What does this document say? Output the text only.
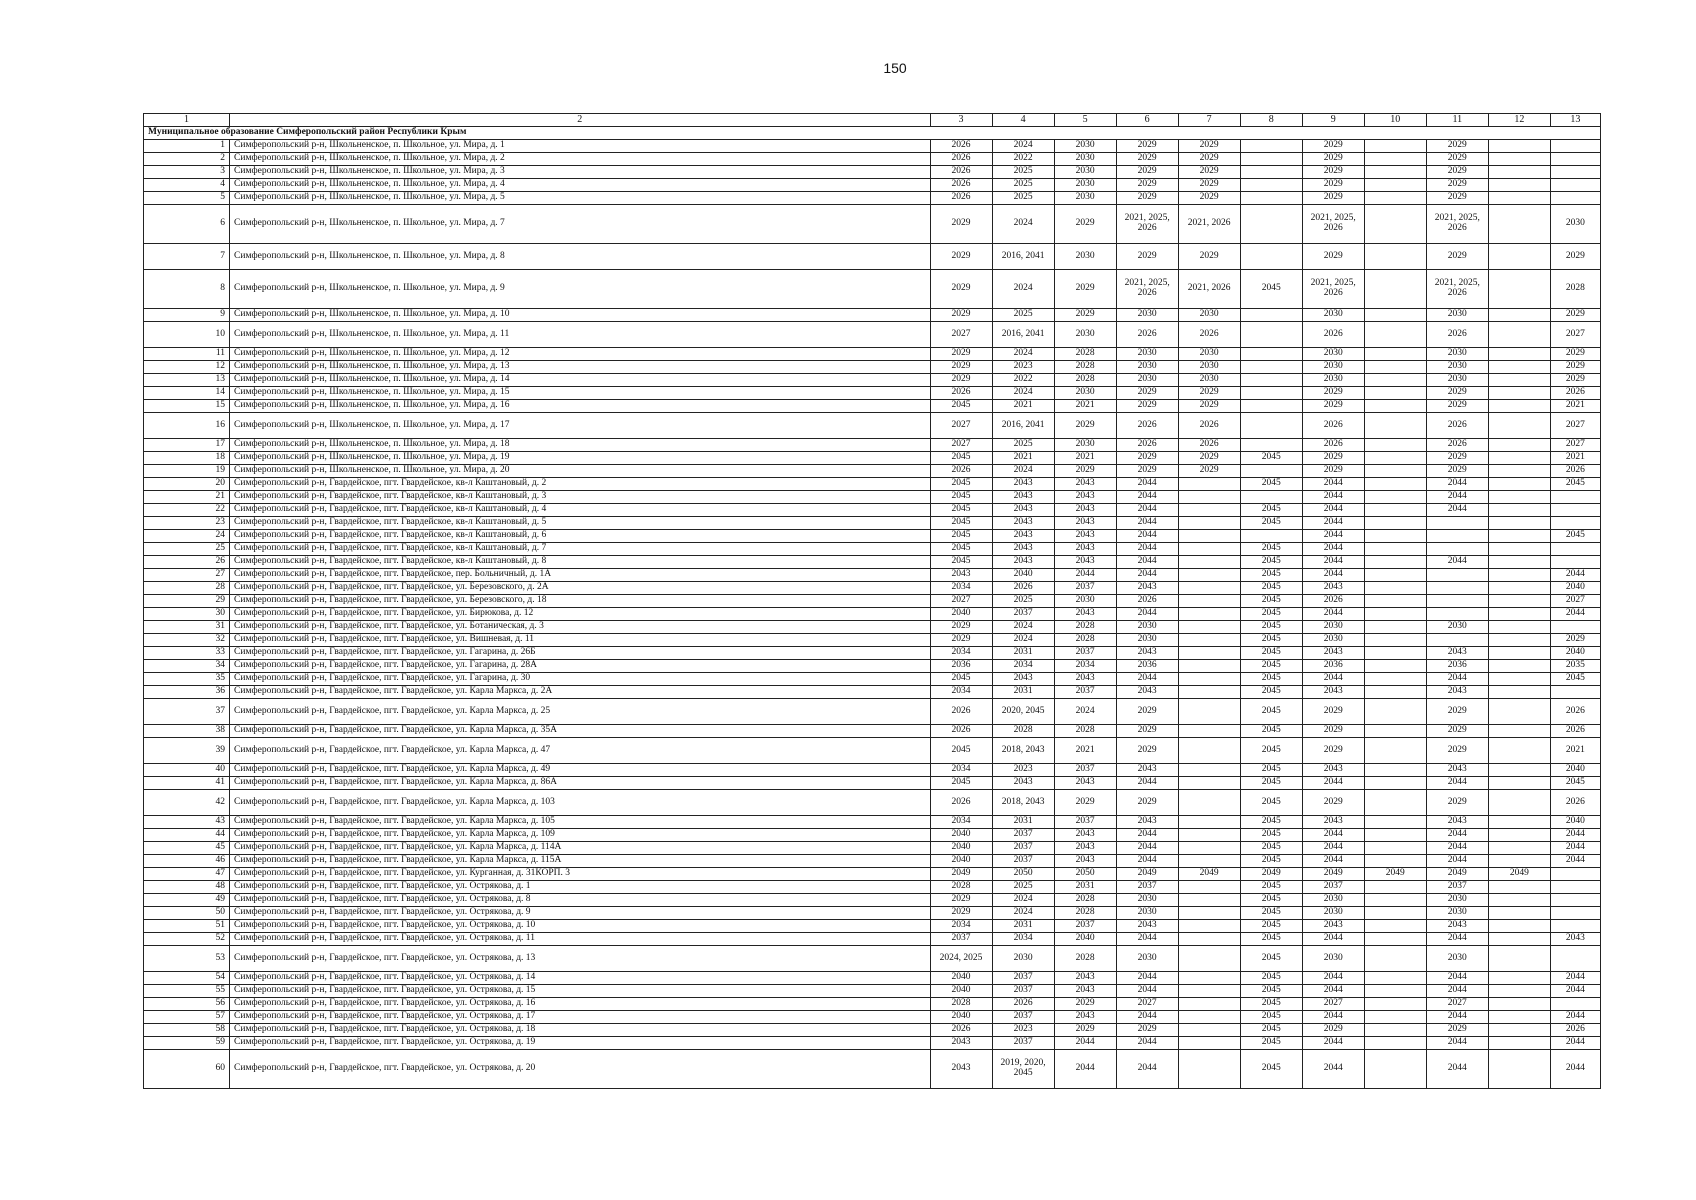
150
1	2	3	4	5	6	7	8	9	10	11	12	13
Муниципальное образование Симферопольский район Республики Крым												
1	Симферопольский р-н, Школьненское, п. Школьное, ул. Мира, д. 1	2026	2024	2030	2029	2029		2029		2029		
2	Симферопольский р-н, Школьненское, п. Школьное, ул. Мира, д. 2	2026	2022	2030	2029	2029		2029		2029		
3	Симферопольский р-н, Школьненское, п. Школьное, ул. Мира, д. 3	2026	2025	2030	2029	2029		2029		2029		
4	Симферопольский р-н, Школьненское, п. Школьное, ул. Мира, д. 4	2026	2025	2030	2029	2029		2029		2029		
5	Симферопольский р-н, Школьненское, п. Школьное, ул. Мира, д. 5	2026	2025	2030	2029	2029		2029		2029		
6	Симферопольский р-н, Школьненское, п. Школьное, ул. Мира, д. 7	2029	2024	2029	2021, 2025, 2026	2021, 2026		2021, 2025, 2026		2021, 2025, 2026		2030
7	Симферопольский р-н, Школьненское, п. Школьное, ул. Мира, д. 8	2029	2016, 2041	2030	2029	2029		2029		2029		2029
8	Симферопольский р-н, Школьненское, п. Школьное, ул. Мира, д. 9	2029	2024	2029	2021, 2025, 2026	2021, 2026	2045	2021, 2025, 2026		2021, 2025, 2026		2028
9	Симферопольский р-н, Школьненское, п. Школьное, ул. Мира, д. 10	2029	2025	2029	2030	2030		2030		2030		2029
10	Симферопольский р-н, Школьненское, п. Школьное, ул. Мира, д. 11	2027	2016, 2041	2030	2026	2026		2026		2026		2027
11	Симферопольский р-н, Школьненское, п. Школьное, ул. Мира, д. 12	2029	2024	2028	2030	2030		2030		2030		2029
12	Симферопольский р-н, Школьненское, п. Школьное, ул. Мира, д. 13	2029	2023	2028	2030	2030		2030		2030		2029
13	Симферопольский р-н, Школьненское, п. Школьное, ул. Мира, д. 14	2029	2022	2028	2030	2030		2030		2030		2029
14	Симферопольский р-н, Школьненское, п. Школьное, ул. Мира, д. 15	2026	2024	2030	2029	2029		2029		2029		2026
15	Симферопольский р-н, Школьненское, п. Школьное, ул. Мира, д. 16	2045	2021	2021	2029	2029		2029		2029		2021
16	Симферопольский р-н, Школьненское, п. Школьное, ул. Мира, д. 17	2027	2016, 2041	2029	2026	2026		2026		2026		2027
17	Симферопольский р-н, Школьненское, п. Школьное, ул. Мира, д. 18	2027	2025	2030	2026	2026		2026		2026		2027
18	Симферопольский р-н, Школьненское, п. Школьное, ул. Мира, д. 19	2045	2021	2021	2029	2029	2045	2029		2029		2021
19	Симферопольский р-н, Школьненское, п. Школьное, ул. Мира, д. 20	2026	2024	2029	2029	2029		2029		2029		2026
20	Симферопольский р-н, Гвардейское, пгт. Гвардейское, кв-л Каштановый, д. 2	2045	2043	2043	2044		2045	2044		2044		2045
21	Симферопольский р-н, Гвардейское, пгт. Гвардейское, кв-л Каштановый, д. 3	2045	2043	2043	2044			2044		2044		
22	Симферопольский р-н, Гвардейское, пгт. Гвардейское, кв-л Каштановый, д. 4	2045	2043	2043	2044		2045	2044		2044		
23	Симферопольский р-н, Гвардейское, пгт. Гвардейское, кв-л Каштановый, д. 5	2045	2043	2043	2044		2045	2044				
24	Симферопольский р-н, Гвардейское, пгт. Гвардейское, кв-л Каштановый, д. 6	2045	2043	2043	2044			2044				2045
25	Симферопольский р-н, Гвардейское, пгт. Гвардейское, кв-л Каштановый, д. 7	2045	2043	2043	2044		2045	2044				
26	Симферопольский р-н, Гвардейское, пгт. Гвардейское, кв-л Каштановый, д. 8	2045	2043	2043	2044		2045	2044		2044		
27	Симферопольский р-н, Гвардейское, пгт. Гвардейское, пер. Больничный, д. 1А	2043	2040	2044	2044		2045	2044				2044
28	Симферопольский р-н, Гвардейское, пгт. Гвардейское, ул. Березовского, д. 2А	2034	2026	2037	2043		2045	2043				2040
29	Симферопольский р-н, Гвардейское, пгт. Гвардейское, ул. Березовского, д. 18	2027	2025	2030	2026		2045	2026				2027
30	Симферопольский р-н, Гвардейское, пгт. Гвардейское, ул. Бирюкова, д. 12	2040	2037	2043	2044		2045	2044				2044
31	Симферопольский р-н, Гвардейское, пгт. Гвардейское, ул. Ботаническая, д. 3	2029	2024	2028	2030		2045	2030		2030		
32	Симферопольский р-н, Гвардейское, пгт. Гвардейское, ул. Вишневая, д. 11	2029	2024	2028	2030		2045	2030				2029
33	Симферопольский р-н, Гвардейское, пгт. Гвардейское, ул. Гагарина, д. 26Б	2034	2031	2037	2043		2045	2043		2043		2040
34	Симферопольский р-н, Гвардейское, пгт. Гвардейское, ул. Гагарина, д. 28А	2036	2034	2034	2036		2045	2036		2036		2035
35	Симферопольский р-н, Гвардейское, пгт. Гвардейское, ул. Гагарина, д. 30	2045	2043	2043	2044		2045	2044		2044		2045
36	Симферопольский р-н, Гвардейское, пгт. Гвардейское, ул. Карла Маркса, д. 2А	2034	2031	2037	2043		2045	2043		2043		
37	Симферопольский р-н, Гвардейское, пгт. Гвардейское, ул. Карла Маркса, д. 25	2026	2020, 2045	2024	2029		2045	2029		2029		2026
38	Симферопольский р-н, Гвардейское, пгт. Гвардейское, ул. Карла Маркса, д. 35А	2026	2028	2028	2029		2045	2029		2029		2026
39	Симферопольский р-н, Гвардейское, пгт. Гвардейское, ул. Карла Маркса, д. 47	2045	2018, 2043	2021	2029		2045	2029		2029		2021
40	Симферопольский р-н, Гвардейское, пгт. Гвардейское, ул. Карла Маркса, д. 49	2034	2023	2037	2043		2045	2043		2043		2040
41	Симферопольский р-н, Гвардейское, пгт. Гвардейское, ул. Карла Маркса, д. 86А	2045	2043	2043	2044		2045	2044		2044		2045
42	Симферопольский р-н, Гвардейское, пгт. Гвардейское, ул. Карла Маркса, д. 103	2026	2018, 2043	2029	2029		2045	2029		2029		2026
43	Симферопольский р-н, Гвардейское, пгт. Гвардейское, ул. Карла Маркса, д. 105	2034	2031	2037	2043		2045	2043		2043		2040
44	Симферопольский р-н, Гвардейское, пгт. Гвардейское, ул. Карла Маркса, д. 109	2040	2037	2043	2044		2045	2044		2044		2044
45	Симферопольский р-н, Гвардейское, пгт. Гвардейское, ул. Карла Маркса, д. 114А	2040	2037	2043	2044		2045	2044		2044		2044
46	Симферопольский р-н, Гвардейское, пгт. Гвардейское, ул. Карла Маркса, д. 115А	2040	2037	2043	2044		2045	2044		2044		2044
47	Симферопольский р-н, Гвардейское, пгт. Гвардейское, ул. Курганная, д. 31КОРП. 3	2049	2050	2050	2049	2049	2049	2049	2049	2049	2049	
48	Симферопольский р-н, Гвардейское, пгт. Гвардейское, ул. Острякова, д. 1	2028	2025	2031	2037		2045	2037		2037		
49	Симферопольский р-н, Гвардейское, пгт. Гвардейское, ул. Острякова, д. 8	2029	2024	2028	2030		2045	2030		2030		
50	Симферопольский р-н, Гвардейское, пгт. Гвардейское, ул. Острякова, д. 9	2029	2024	2028	2030		2045	2030		2030		
51	Симферопольский р-н, Гвардейское, пгт. Гвардейское, ул. Острякова, д. 10	2034	2031	2037	2043		2045	2043		2043		
52	Симферопольский р-н, Гвардейское, пгт. Гвардейское, ул. Острякова, д. 11	2037	2034	2040	2044		2045	2044		2044		2043
53	Симферопольский р-н, Гвардейское, пгт. Гвардейское, ул. Острякова, д. 13	2024, 2025	2030	2028	2030		2045	2030		2030		
54	Симферопольский р-н, Гвардейское, пгт. Гвардейское, ул. Острякова, д. 14	2040	2037	2043	2044		2045	2044		2044		2044
55	Симферопольский р-н, Гвардейское, пгт. Гвардейское, ул. Острякова, д. 15	2040	2037	2043	2044		2045	2044		2044		2044
56	Симферопольский р-н, Гвардейское, пгт. Гвардейское, ул. Острякова, д. 16	2028	2026	2029	2027		2045	2027		2027		
57	Симферопольский р-н, Гвардейское, пгт. Гвардейское, ул. Острякова, д. 17	2040	2037	2043	2044		2045	2044		2044		2044
58	Симферопольский р-н, Гвардейское, пгт. Гвардейское, ул. Острякова, д. 18	2026	2023	2029	2029		2045	2029		2029		2026
59	Симферопольский р-н, Гвардейское, пгт. Гвардейское, ул. Острякова, д. 19	2043	2037	2044	2044		2045	2044		2044		2044
60	Симферопольский р-н, Гвардейское, пгт. Гвардейское, ул. Острякова, д. 20	2043	2019, 2020, 2045	2044	2044		2045	2044		2044		2044
